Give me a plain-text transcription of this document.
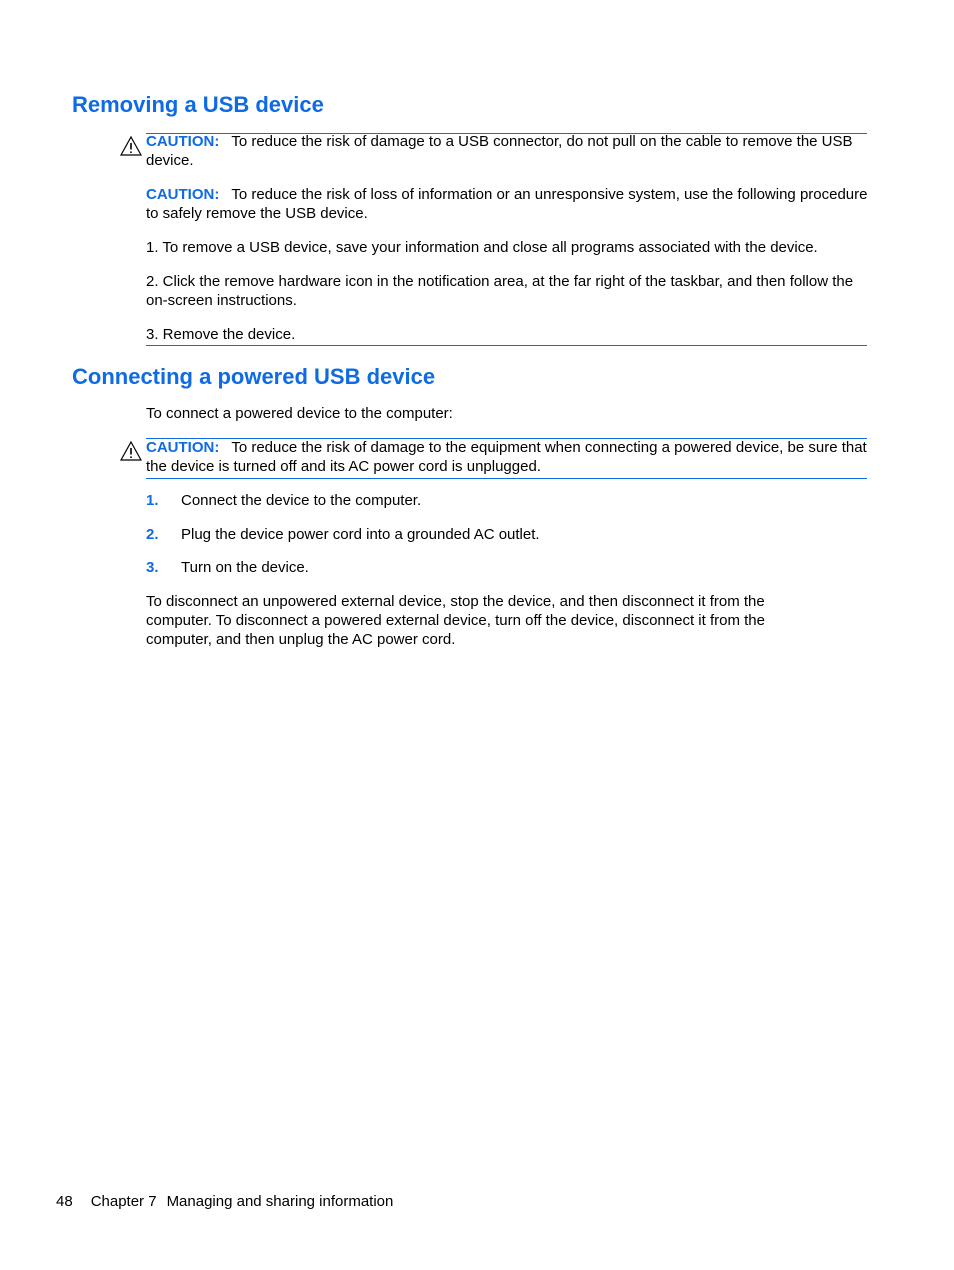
Removing a USB device

CAUTION: To reduce the risk of damage to a USB connector, do not pull on the cable to remove the USB device.

CAUTION: To reduce the risk of loss of information or an unresponsive system, use the following procedure to safely remove the USB device.

1. To remove a USB device, save your information and close all programs associated with the device.

2. Click the remove hardware icon in the notification area, at the far right of the taskbar, and then follow the on-screen instructions.

3. Remove the device.

Connecting a powered USB device

To connect a powered device to the computer:

CAUTION: To reduce the risk of damage to the equipment when connecting a powered device, be sure that the device is turned off and its AC power cord is unplugged.

1. Connect the device to the computer.
2. Plug the device power cord into a grounded AC outlet.
3. Turn on the device.

To disconnect an unpowered external device, stop the device, and then disconnect it from the computer. To disconnect a powered external device, turn off the device, disconnect it from the computer, and then unplug the AC power cord.

48 Chapter 7 Managing and sharing information
